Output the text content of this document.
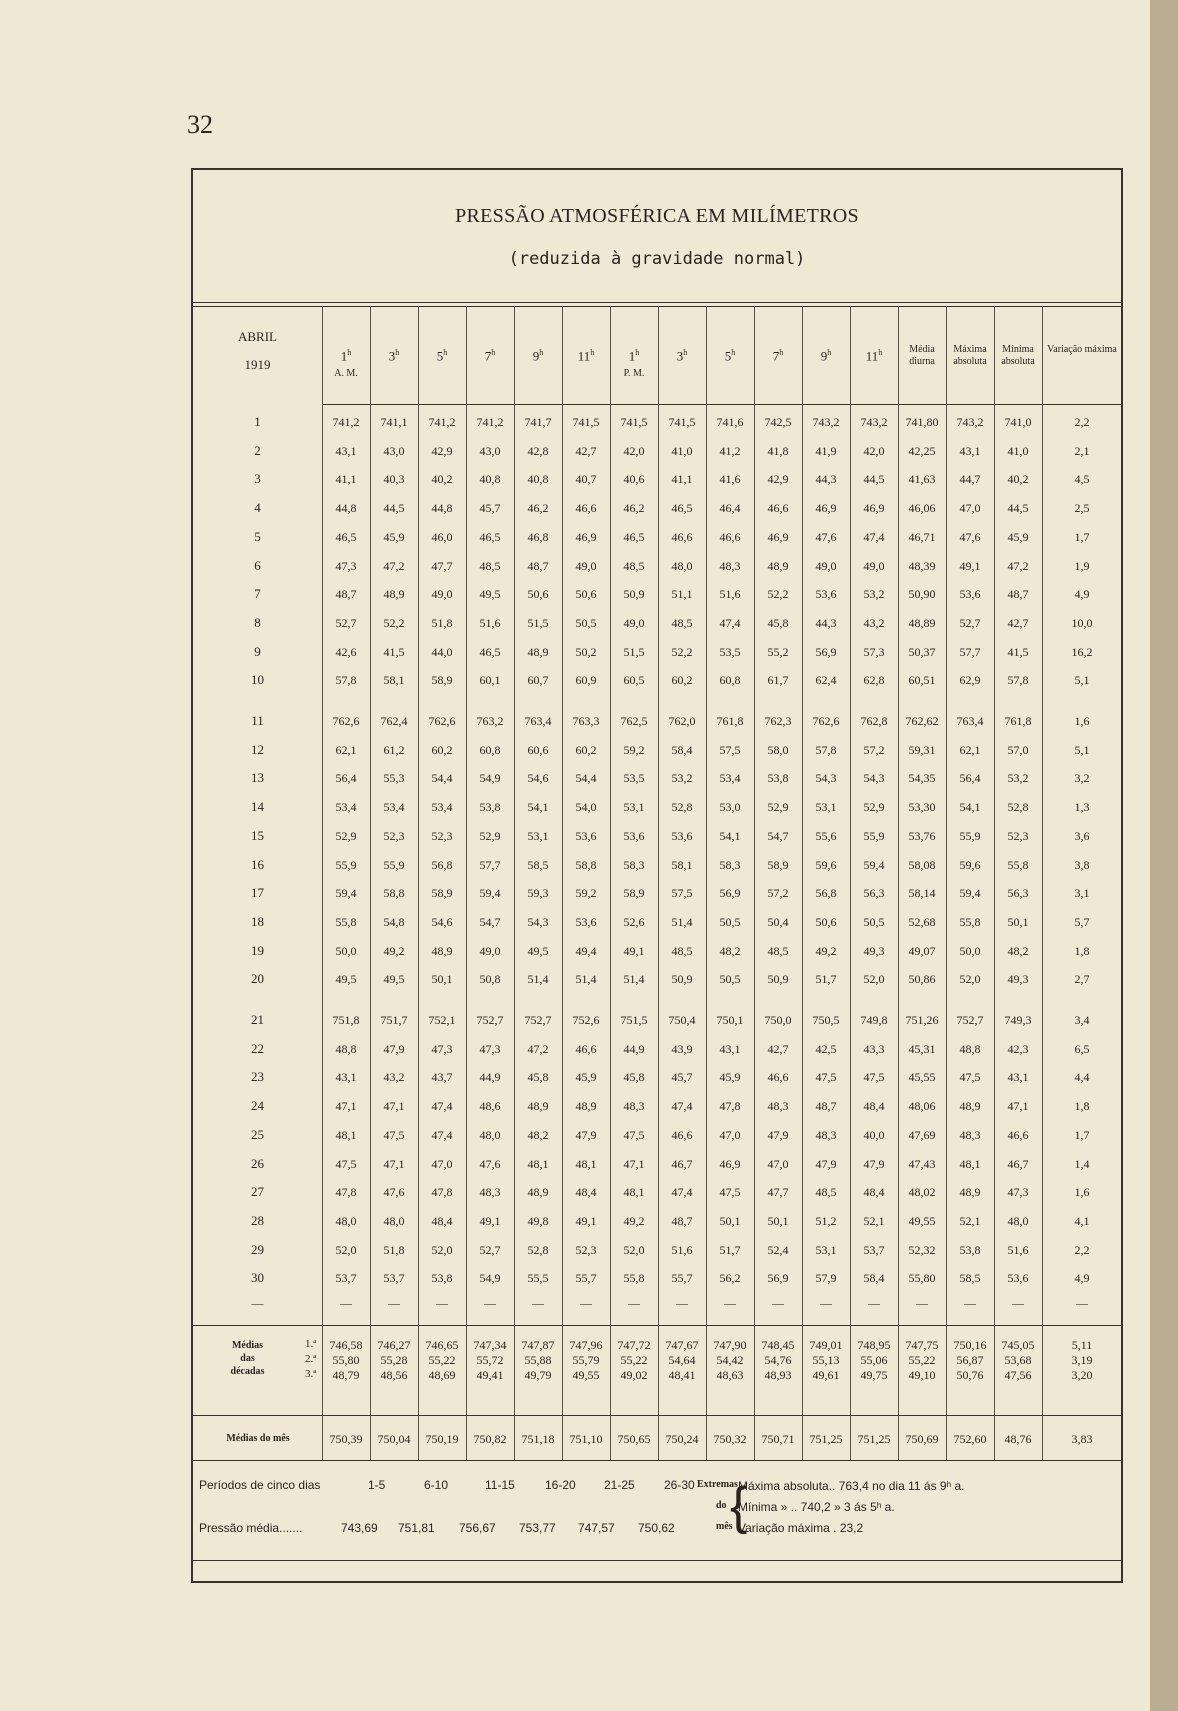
32
PRESSÃO ATMOSFÉRICA EM MILÍMETROS
(reduzida à gravidade normal)
ABRIL
1919
1$^h$	3$^h$	5$^h$	7$^h$	9$^h$	11$^h$	1$^h$	3$^h$	5$^h$	7$^h$	9$^h$	11$^h$
A. M.	P. M.
Média diurna
Máxima absoluta
Mínima absoluta
Variação máxima
1	741,2	741,1	741,2	741,2	741,7	741,5	741,5	741,5	741,6	742,5	743,2	743,2	741,80	743,2	741,0	2,2
2	43,1	43,0	42,9	43,0	42,8	42,7	42,0	41,0	41,2	41,8	41,9	42,0	42,25	43,1	41,0	2,1
3	41,1	40,3	40,2	40,8	40,8	40,7	40,6	41,1	41,6	42,9	44,3	44,5	41,63	44,7	40,2	4,5
4	44,8	44,5	44,8	45,7	46,2	46,6	46,2	46,5	46,4	46,6	46,9	46,9	46,06	47,0	44,5	2,5
5	46,5	45,9	46,0	46,5	46,8	46,9	46,5	46,6	46,6	46,9	47,6	47,4	46,71	47,6	45,9	1,7
6	47,3	47,2	47,7	48,5	48,7	49,0	48,5	48,0	48,3	48,9	49,0	49,0	48,39	49,1	47,2	1,9
7	48,7	48,9	49,0	49,5	50,6	50,6	50,9	51,1	51,6	52,2	53,6	53,2	50,90	53,6	48,7	4,9
8	52,7	52,2	51,8	51,6	51,5	50,5	49,0	48,5	47,4	45,8	44,3	43,2	48,89	52,7	42,7	10,0
9	42,6	41,5	44,0	46,5	48,9	50,2	51,5	52,2	53,5	55,2	56,9	57,3	50,37	57,7	41,5	16,2
10	57,8	58,1	58,9	60,1	60,7	60,9	60,5	60,2	60,8	61,7	62,4	62,8	60,51	62,9	57,8	5,1
11	762,6	762,4	762,6	763,2	763,4	763,3	762,5	762,0	761,8	762,3	762,6	762,8	762,62	763,4	761,8	1,6
12	62,1	61,2	60,2	60,8	60,6	60,2	59,2	58,4	57,5	58,0	57,8	57,2	59,31	62,1	57,0	5,1
13	56,4	55,3	54,4	54,9	54,6	54,4	53,5	53,2	53,4	53,8	54,3	54,3	54,35	56,4	53,2	3,2
14	53,4	53,4	53,4	53,8	54,1	54,0	53,1	52,8	53,0	52,9	53,1	52,9	53,30	54,1	52,8	1,3
15	52,9	52,3	52,3	52,9	53,1	53,6	53,6	53,6	54,1	54,7	55,6	55,9	53,76	55,9	52,3	3,6
16	55,9	55,9	56,8	57,7	58,5	58,8	58,3	58,1	58,3	58,9	59,6	59,4	58,08	59,6	55,8	3,8
17	59,4	58,8	58,9	59,4	59,3	59,2	58,9	57,5	56,9	57,2	56,8	56,3	58,14	59,4	56,3	3,1
18	55,8	54,8	54,6	54,7	54,3	53,6	52,6	51,4	50,5	50,4	50,6	50,5	52,68	55,8	50,1	5,7
19	50,0	49,2	48,9	49,0	49,5	49,4	49,1	48,5	48,2	48,5	49,2	49,3	49,07	50,0	48,2	1,8
20	49,5	49,5	50,1	50,8	51,4	51,4	51,4	50,9	50,5	50,9	51,7	52,0	50,86	52,0	49,3	2,7
21	751,8	751,7	752,1	752,7	752,7	752,6	751,5	750,4	750,1	750,0	750,5	749,8	751,26	752,7	749,3	3,4
22	48,8	47,9	47,3	47,3	47,2	46,6	44,9	43,9	43,1	42,7	42,5	43,3	45,31	48,8	42,3	6,5
23	43,1	43,2	43,7	44,9	45,8	45,9	45,8	45,7	45,9	46,6	47,5	47,5	45,55	47,5	43,1	4,4
24	47,1	47,1	47,4	48,6	48,9	48,9	48,3	47,4	47,8	48,3	48,7	48,4	48,06	48,9	47,1	1,8
25	48,1	47,5	47,4	48,0	48,2	47,9	47,5	46,6	47,0	47,9	48,3	40,0	47,69	48,3	46,6	1,7
26	47,5	47,1	47,0	47,6	48,1	48,1	47,1	46,7	46,9	47,0	47,9	47,9	47,43	48,1	46,7	1,4
27	47,8	47,6	47,8	48,3	48,9	48,4	48,1	47,4	47,5	47,7	48,5	48,4	48,02	48,9	47,3	1,6
28	48,0	48,0	48,4	49,1	49,8	49,1	49,2	48,7	50,1	50,1	51,2	52,1	49,55	52,1	48,0	4,1
29	52,0	51,8	52,0	52,7	52,8	52,3	52,0	51,6	51,7	52,4	53,1	53,7	52,32	53,8	51,6	2,2
30	53,7	53,7	53,8	54,9	55,5	55,7	55,8	55,7	56,2	56,9	57,9	58,4	55,80	58,5	53,6	4,9
—	—	—	—	—	—	—	—	—	—	—	—	—	—	—	—	—
Médias
das
décadas
1.ª	746,58	746,27	746,65	747,34	747,87	747,96	747,72	747,67	747,90	748,45	749,01	748,95	747,75	750,16	745,05	5,11
2.ª	55,80	55,28	55,22	55,72	55,88	55,79	55,22	54,64	54,42	54,76	55,13	55,06	55,22	56,87	53,68	3,19
3.ª	48,79	48,56	48,69	49,41	49,79	49,55	49,02	48,41	48,63	48,93	49,61	49,75	49,10	50,76	47,56	3,20
Médias do mês	750,39	750,04	750,19	750,82	751,18	751,10	750,65	750,24	750,32	750,71	751,25	751,25	750,69	752,60	48,76	3,83
Períodos de cinco dias	1-5	6-10	11-15	16-20 21-25 26-30
Pressão média.......	743,69 751,81 756,67 753,77 747,57 750,62
Extremas
do
mês
{
Máxima absoluta.. 763,4 no dia 11 ás 9ʰ a.
Mínima » .. 740,2 » 3 ás 5ʰ a.
Variação máxima . 23,2
